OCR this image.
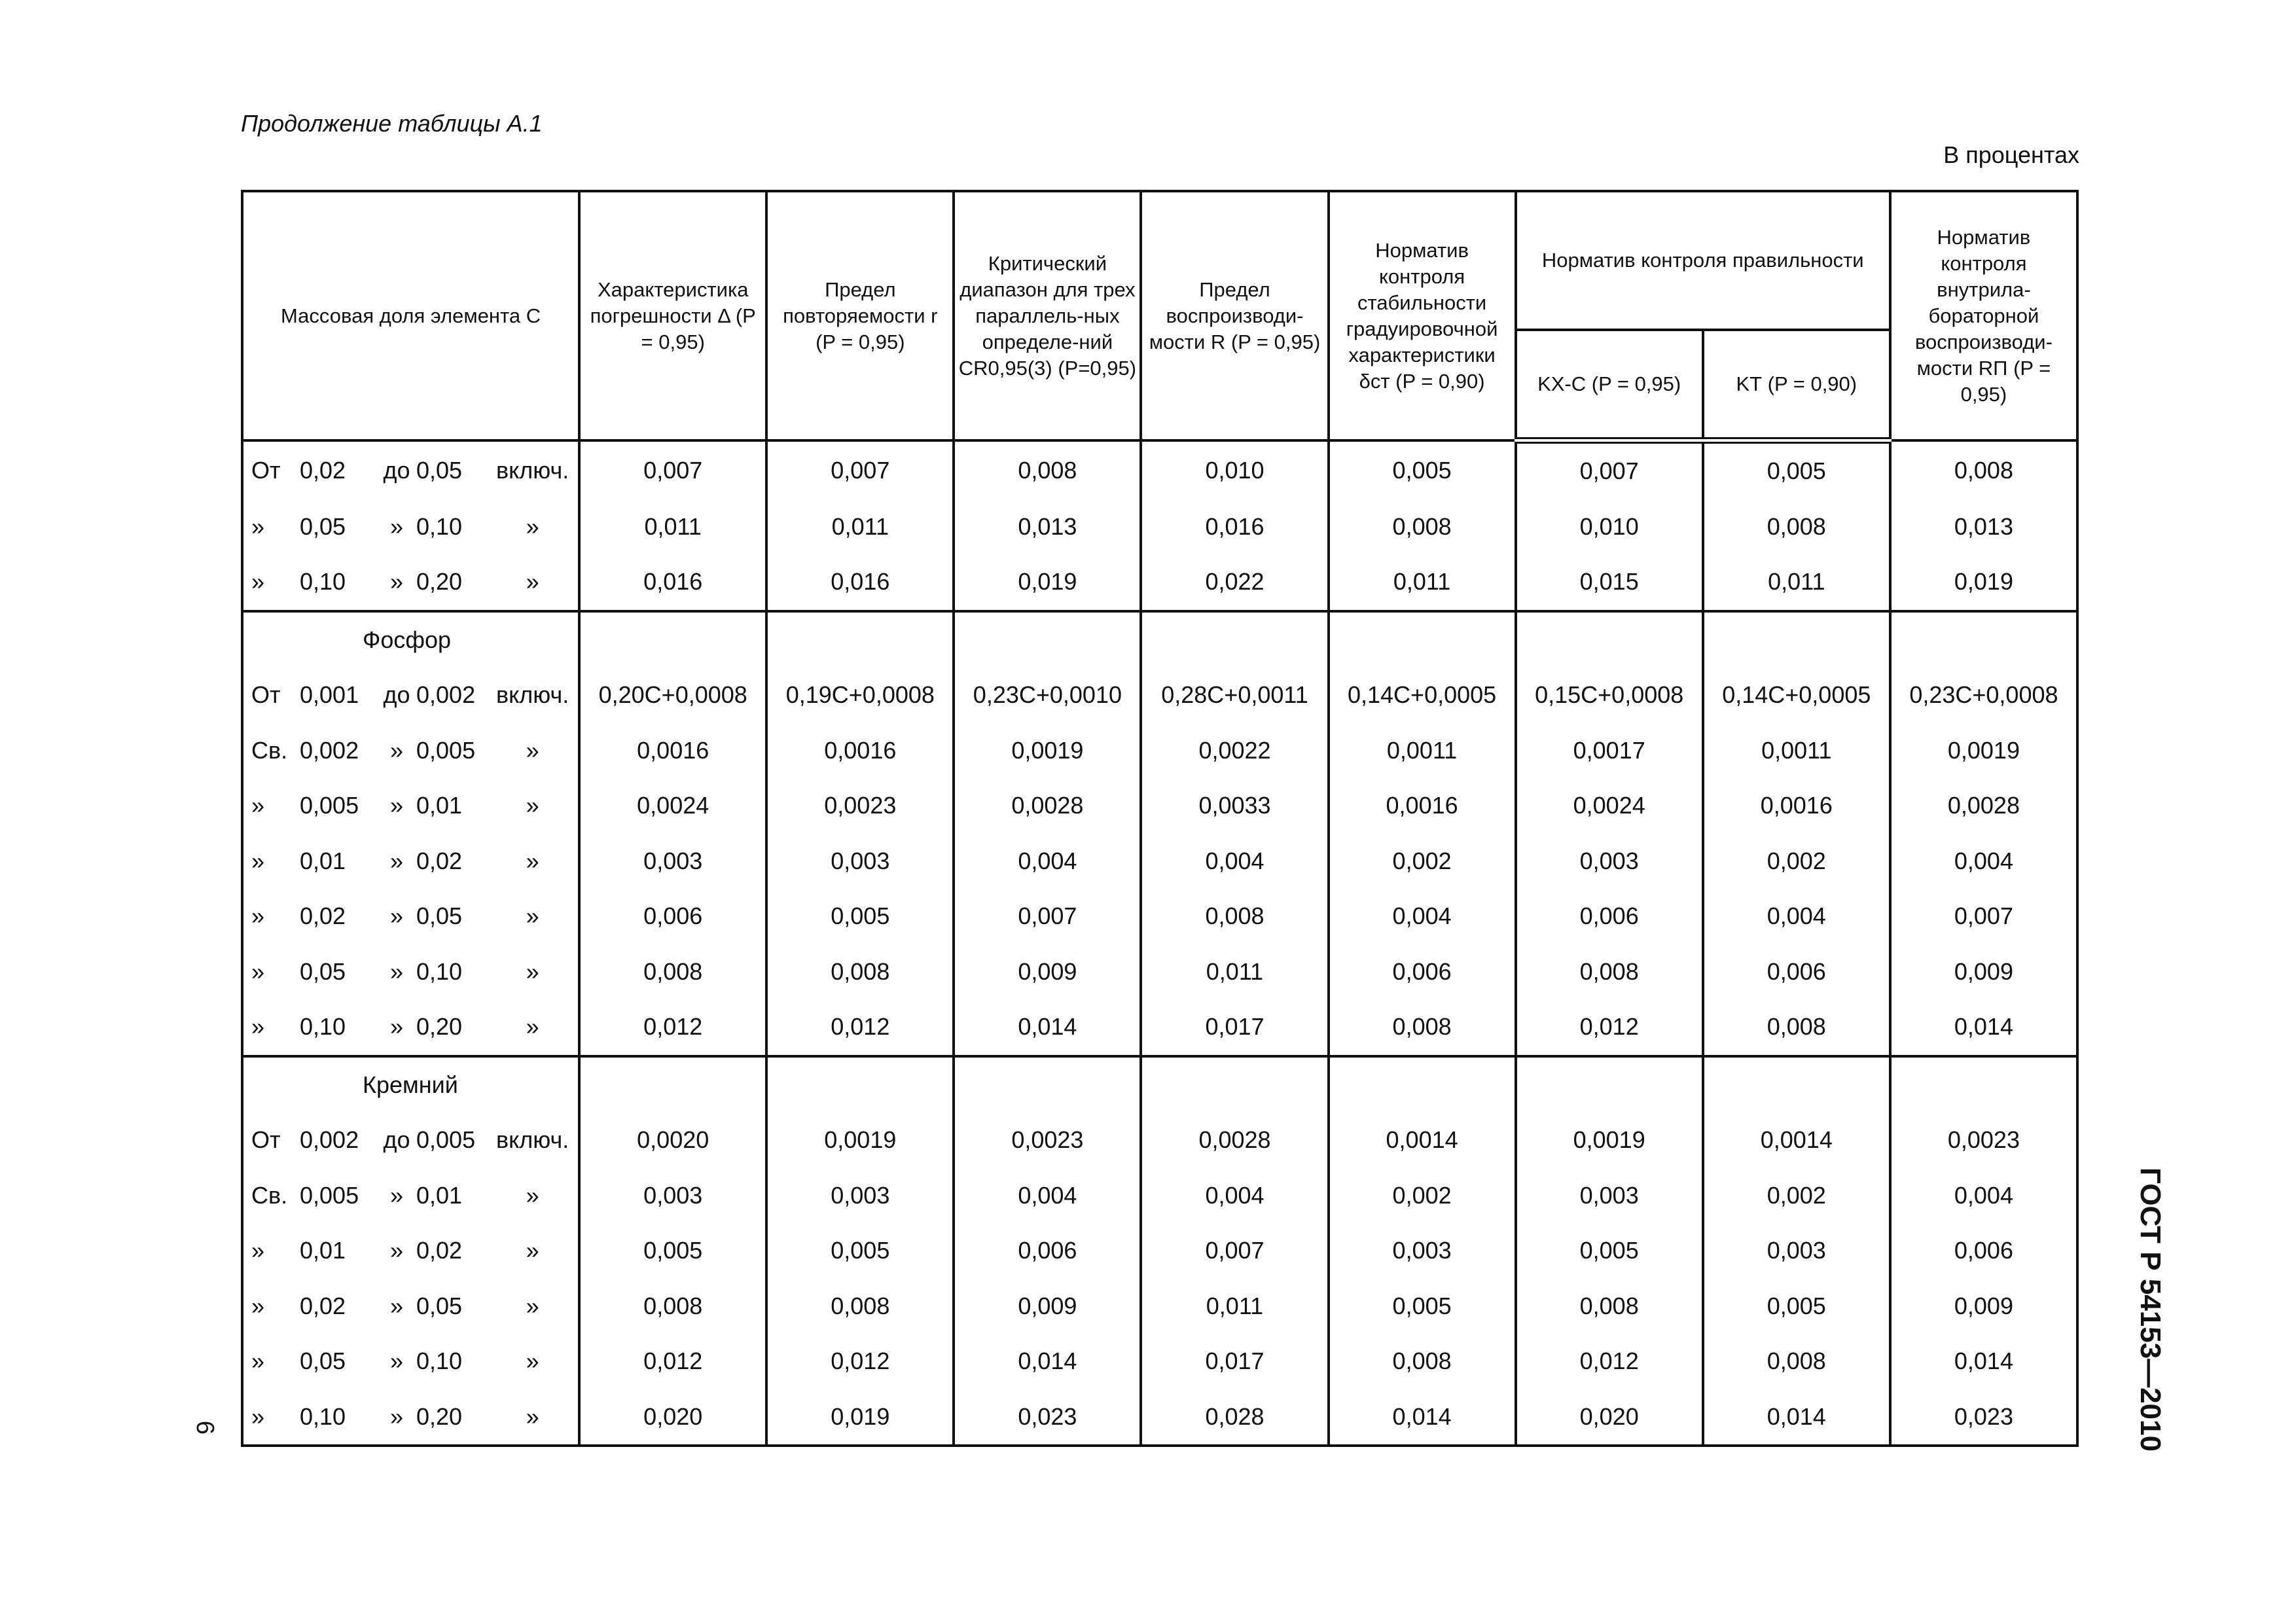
Продолжение таблицы А.1
В процентах
Массовая доля элемента C	Характеристика погрешности Δ (P = 0,95)	Предел повторяемости r (P = 0,95)	Критический диапазон для трех параллель-ных определе-ний CR0,95(3) (P=0,95)	Предел воспроизводи-мости R (P = 0,95)	Норматив контроля стабильности градуировочной характеристики δст (P = 0,90)	Норматив контроля правильности		Норматив контроля внутрила-бораторной воспроизводи-мости RП (P = 0,95)
						KХ-С (P = 0,95)	KТ (P = 0,90)	

От 0,02 до 0,05 включ.	0,007	0,007	0,008	0,010	0,005	0,007	0,005	0,008

» 0,05 » 0,10 »	0,011	0,011	0,013	0,016	0,008	0,010	0,008	0,013

» 0,10 » 0,20 »	0,016	0,016	0,019	0,022	0,011	0,015	0,011	0,019

Фосфор								

От 0,001 до 0,002 включ.	0,20C+0,0008	0,19C+0,0008	0,23C+0,0010	0,28C+0,0011	0,14C+0,0005	0,15C+0,0008	0,14C+0,0005	0,23C+0,0008

Св. 0,002 » 0,005 »	0,0016	0,0016	0,0019	0,0022	0,0011	0,0017	0,0011	0,0019

» 0,005 » 0,01 »	0,0024	0,0023	0,0028	0,0033	0,0016	0,0024	0,0016	0,0028

» 0,01 » 0,02 »	0,003	0,003	0,004	0,004	0,002	0,003	0,002	0,004

» 0,02 » 0,05 »	0,006	0,005	0,007	0,008	0,004	0,006	0,004	0,007

» 0,05 » 0,10 »	0,008	0,008	0,009	0,011	0,006	0,008	0,006	0,009

» 0,10 » 0,20 »	0,012	0,012	0,014	0,017	0,008	0,012	0,008	0,014

Кремний								

От 0,002 до 0,005 включ.	0,0020	0,0019	0,0023	0,0028	0,0014	0,0019	0,0014	0,0023

Св. 0,005 » 0,01 »	0,003	0,003	0,004	0,004	0,002	0,003	0,002	0,004

» 0,01 » 0,02 »	0,005	0,005	0,006	0,007	0,003	0,005	0,003	0,006

» 0,02 » 0,05 »	0,008	0,008	0,009	0,011	0,005	0,008	0,005	0,009

» 0,05 » 0,10 »	0,012	0,012	0,014	0,017	0,008	0,012	0,008	0,014

» 0,10 » 0,20 »	0,020	0,019	0,023	0,028	0,014	0,020	0,014	0,023
6	ГОСТ Р 54153—2010
